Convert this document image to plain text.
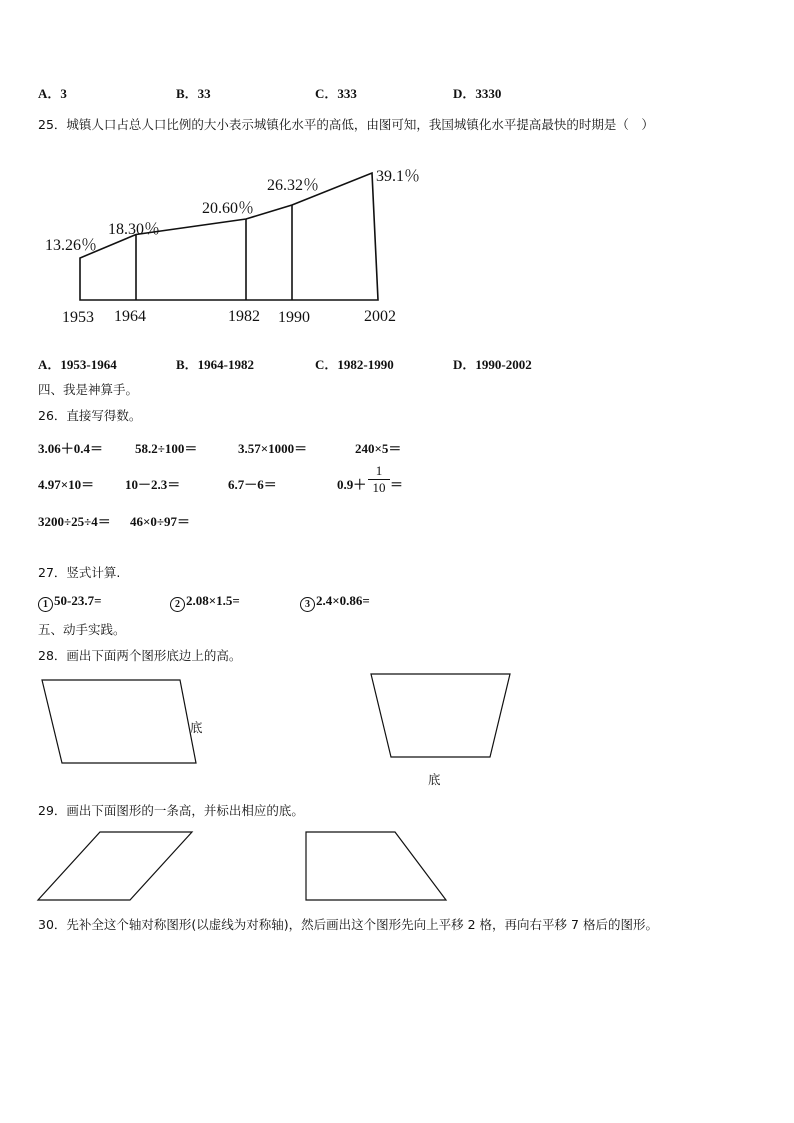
A．3	B．33	C．333	D．3330
25．城镇人口占总人口比例的大小表示城镇化水平的高低，由图可知，我国城镇化水平提高最快的时期是（　）
13.26％
18.30％
20.60％
26.32％
39.1％
1953 1964	1982 1990	2002
A．1953-1964	B．1964-1982	C．1982-1990	D．1990-2002
四、我是神算手。
26．直接写得数。
3.06＋0.4＝ 58.2÷100＝	3.57×1000＝	240×5＝
4.97×10＝ 10－2.3＝	6.7－6＝	0.9＋
1
10 ＝
3200÷25÷4＝ 46×0÷97＝
27．竖式计算.
1 50-23.7=	2 2.08×1.5=	3 2.4×0.86=
五、动手实践。
28．画出下面两个图形底边上的高。
底
底
29．画出下面图形的一条高，并标出相应的底。
30．先补全这个轴对称图形(以虚线为对称轴)，然后画出这个图形先向上平移 2 格，再向右平移 7 格后的图形。
